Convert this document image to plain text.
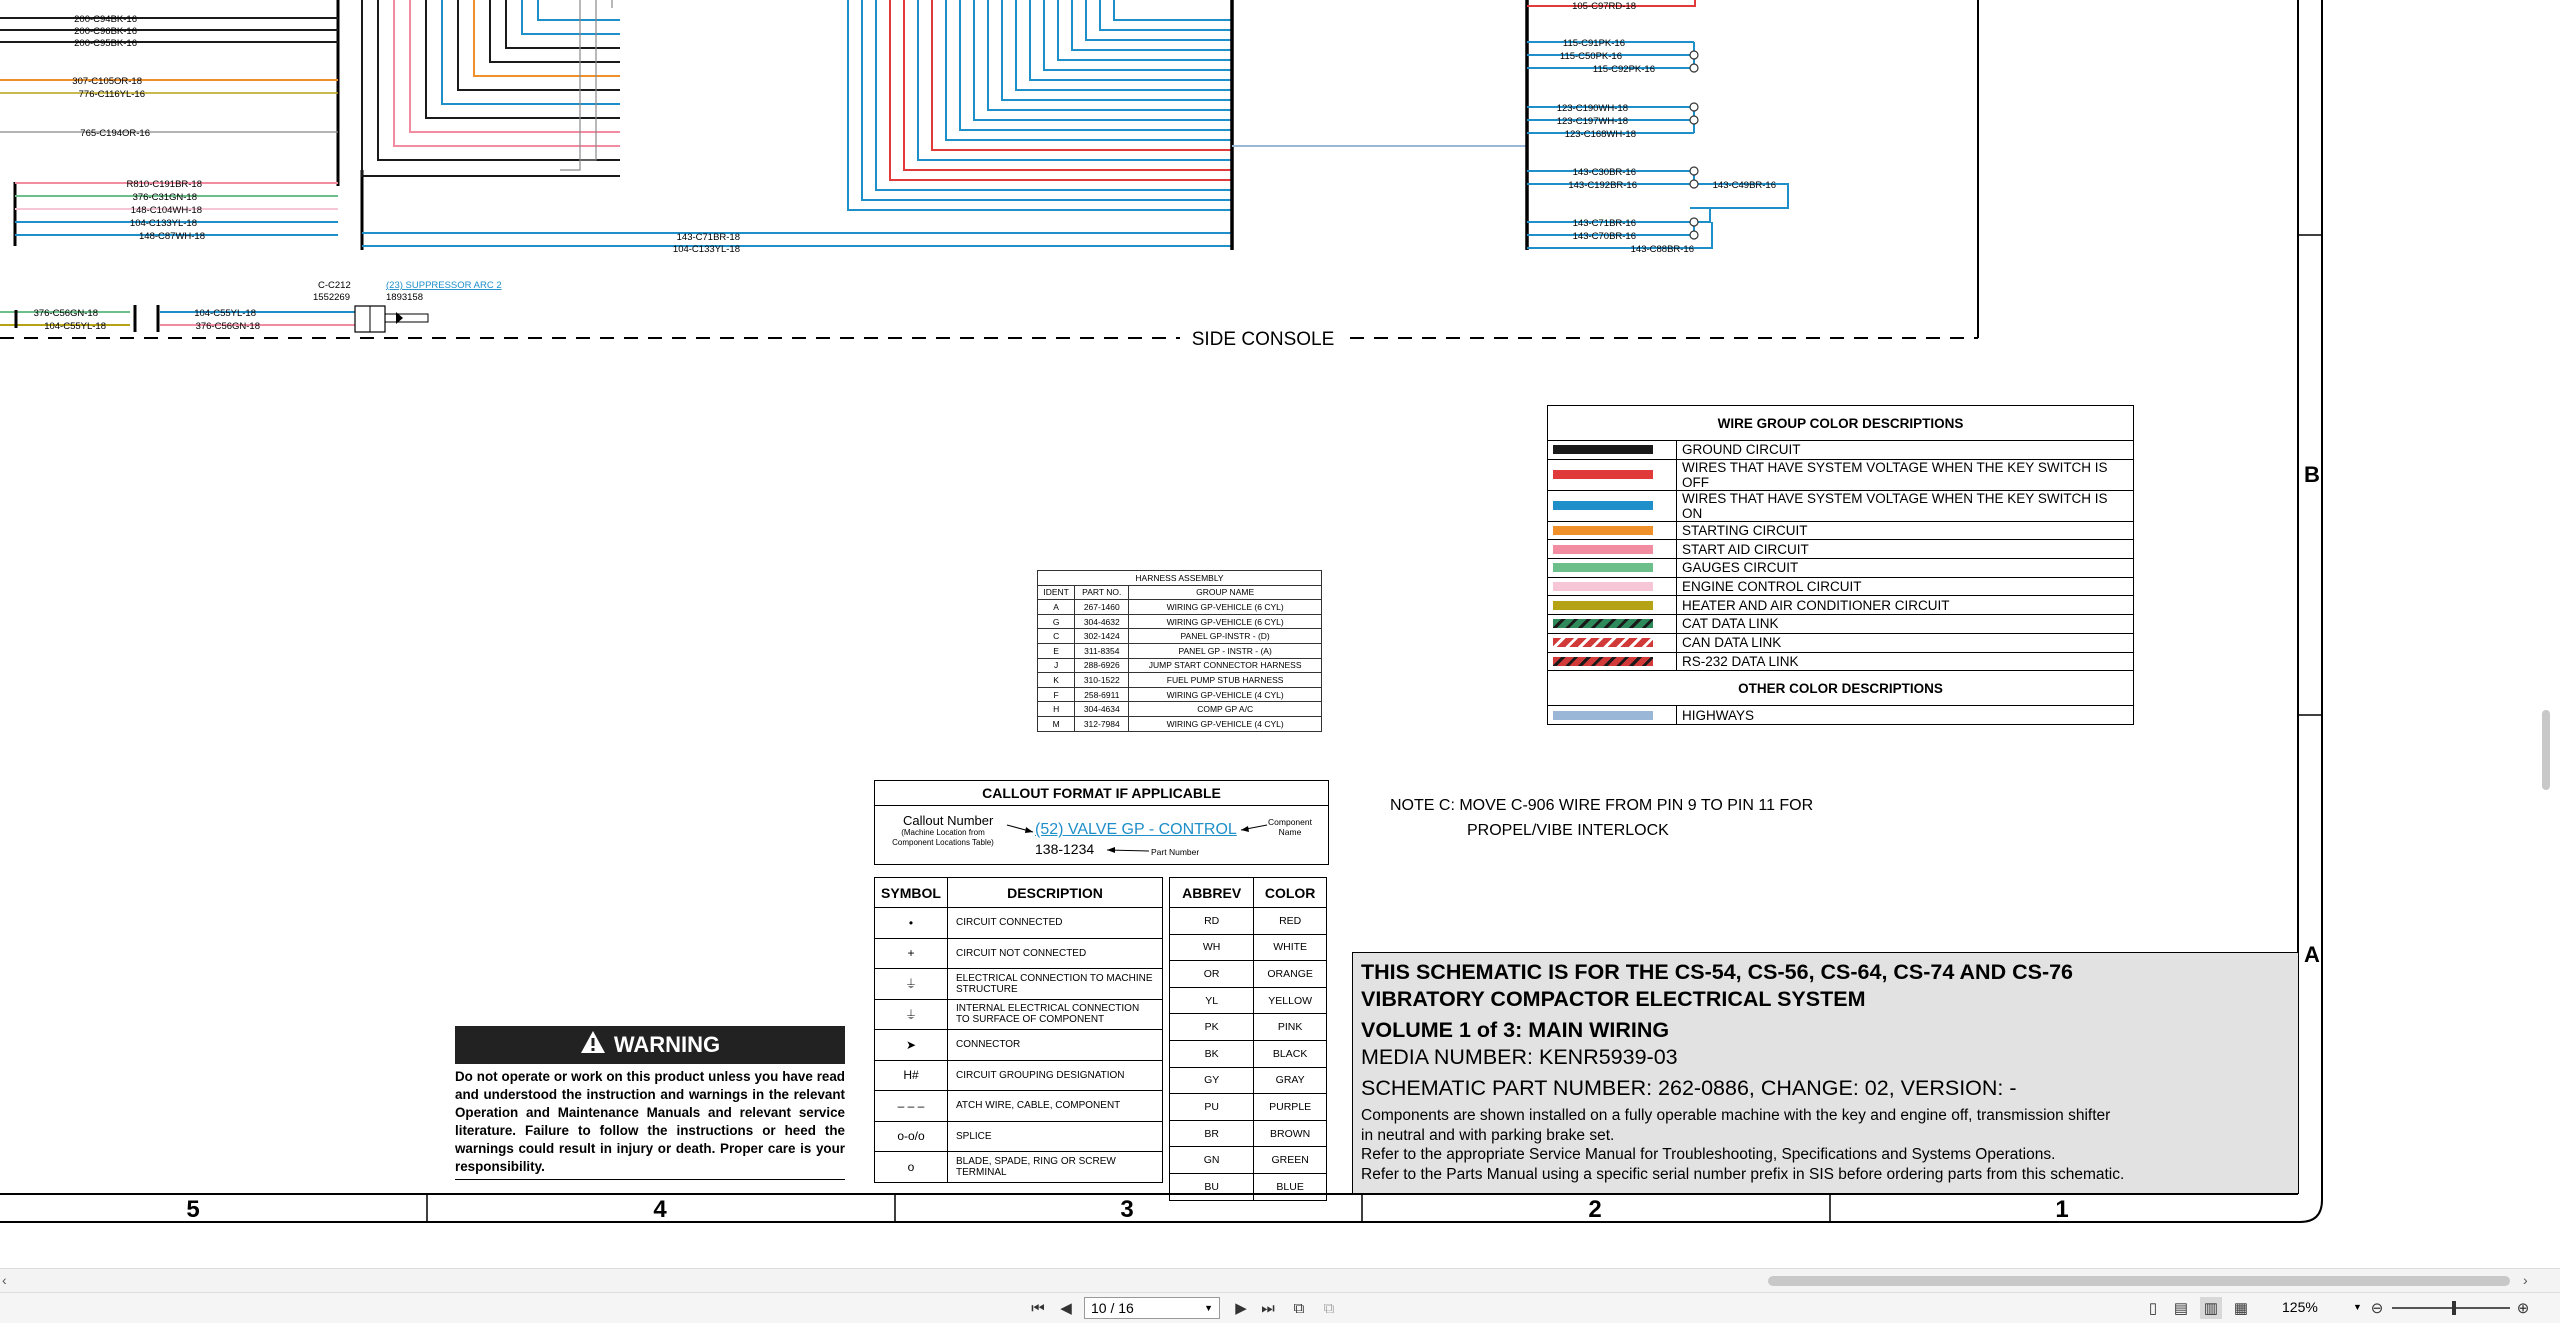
200-C94BK-16
200-C96BK-16
200-C95BK-16
307-C105OR-18
776-C116YL-16
765-C194OR-16
R810-C191BR-18
376-C31GN-18
148-C104WH-18
104-C133YL-18
148-C87WH-18
376-C56GN-18
104-C55YL-18
104-C55YL-18
376-C56GN-18
143-C71BR-18
104-C133YL-18
105-C97RD-18
115-C91PK-16
115-C50PK-16
115-C92PK-16
123-C190WH-18
123-C197WH-18
123-C168WH-18
143-C30BR-16
143-C192BR-16	143-C49BR-16
143-C71BR-16
143-C70BR-16
143-C88BR-16
C-C212
1552269
(23) SUPPRESSOR ARC 2
1893158
SIDE CONSOLE
B
A
5	4	3	2	1
WIRE GROUP COLOR DESCRIPTIONS	

	GROUND CIRCUIT

	WIRES THAT HAVE SYSTEM VOLTAGE WHEN THE KEY SWITCH IS OFF

	WIRES THAT HAVE SYSTEM VOLTAGE WHEN THE KEY SWITCH IS ON

	STARTING CIRCUIT

	START AID CIRCUIT

	GAUGES CIRCUIT

	ENGINE CONTROL CIRCUIT

	HEATER AND AIR CONDITIONER CIRCUIT

	CAT DATA LINK

	CAN DATA LINK

	RS-232 DATA LINK
OTHER COLOR DESCRIPTIONS	

	HIGHWAYS
HARNESS ASSEMBLY		
IDENT	PART NO.	GROUP NAME
A	267-1460	WIRING GP-VEHICLE (6 CYL)
G	304-4632	WIRING GP-VEHICLE (6 CYL)
C	302-1424	PANEL GP-INSTR - (D)
E	311-8354	PANEL GP - INSTR - (A)
J	288-6926	JUMP START CONNECTOR HARNESS
K	310-1522	FUEL PUMP STUB HARNESS
F	258-6911	WIRING GP-VEHICLE (4 CYL)
H	304-4634	COMP GP A/C
M	312-7984	WIRING GP-VEHICLE (4 CYL)
CALLOUT FORMAT IF APPLICABLE
Callout Number
(Machine Location from Component Locations Table)
(52) VALVE GP - CONTROL
138-1234
Component Name
Part Number
SYMBOL	DESCRIPTION
•	CIRCUIT CONNECTED
+	CIRCUIT NOT CONNECTED
⏚	ELECTRICAL CONNECTION TO MACHINE STRUCTURE
⏚	INTERNAL ELECTRICAL CONNECTION TO SURFACE OF COMPONENT
➤	CONNECTOR
H#	CIRCUIT GROUPING DESIGNATION
– – –	ATCH WIRE, CABLE, COMPONENT
o-o/o	SPLICE
o	BLADE, SPADE, RING OR SCREW TERMINAL
ABBREV	COLOR
RD	RED
WH	WHITE
OR	ORANGE
YL	YELLOW
PK	PINK
BK	BLACK
GY	GRAY
PU	PURPLE
BR	BROWN
GN	GREEN
BU	BLUE
NOTE C: MOVE C-906 WIRE FROM PIN 9 TO PIN 11 FOR
PROPEL/VIBE INTERLOCK
WARNING
Do not operate or work on this product unless you have read and understood the instruction and warnings in the relevant Operation and Maintenance Manuals and relevant service literature. Failure to follow the instructions or heed the warnings could result in injury or death. Proper care is your responsibility.
THIS SCHEMATIC IS FOR THE CS-54, CS-56, CS-64, CS-74 AND CS-76
VIBRATORY COMPACTOR ELECTRICAL SYSTEM
VOLUME 1 of 3: MAIN WIRING
MEDIA NUMBER: KENR5939-03
SCHEMATIC PART NUMBER: 262-0886, CHANGE: 02, VERSION: -
Components are shown installed on a fully operable machine with the key and engine off, transmission shifter
in neutral and with parking brake set.
Refer to the appropriate Service Manual for Troubleshooting, Specifications and Systems Operations.
Refer to the Parts Manual using a specific serial number prefix in SIS before ordering parts from this schematic.
‹	›
⏮	◀	10 / 16	▼	▶ ⏭	⧉	⧉	▯	▤ ▥ ▦ 125%	▼ ⊖	⊕
